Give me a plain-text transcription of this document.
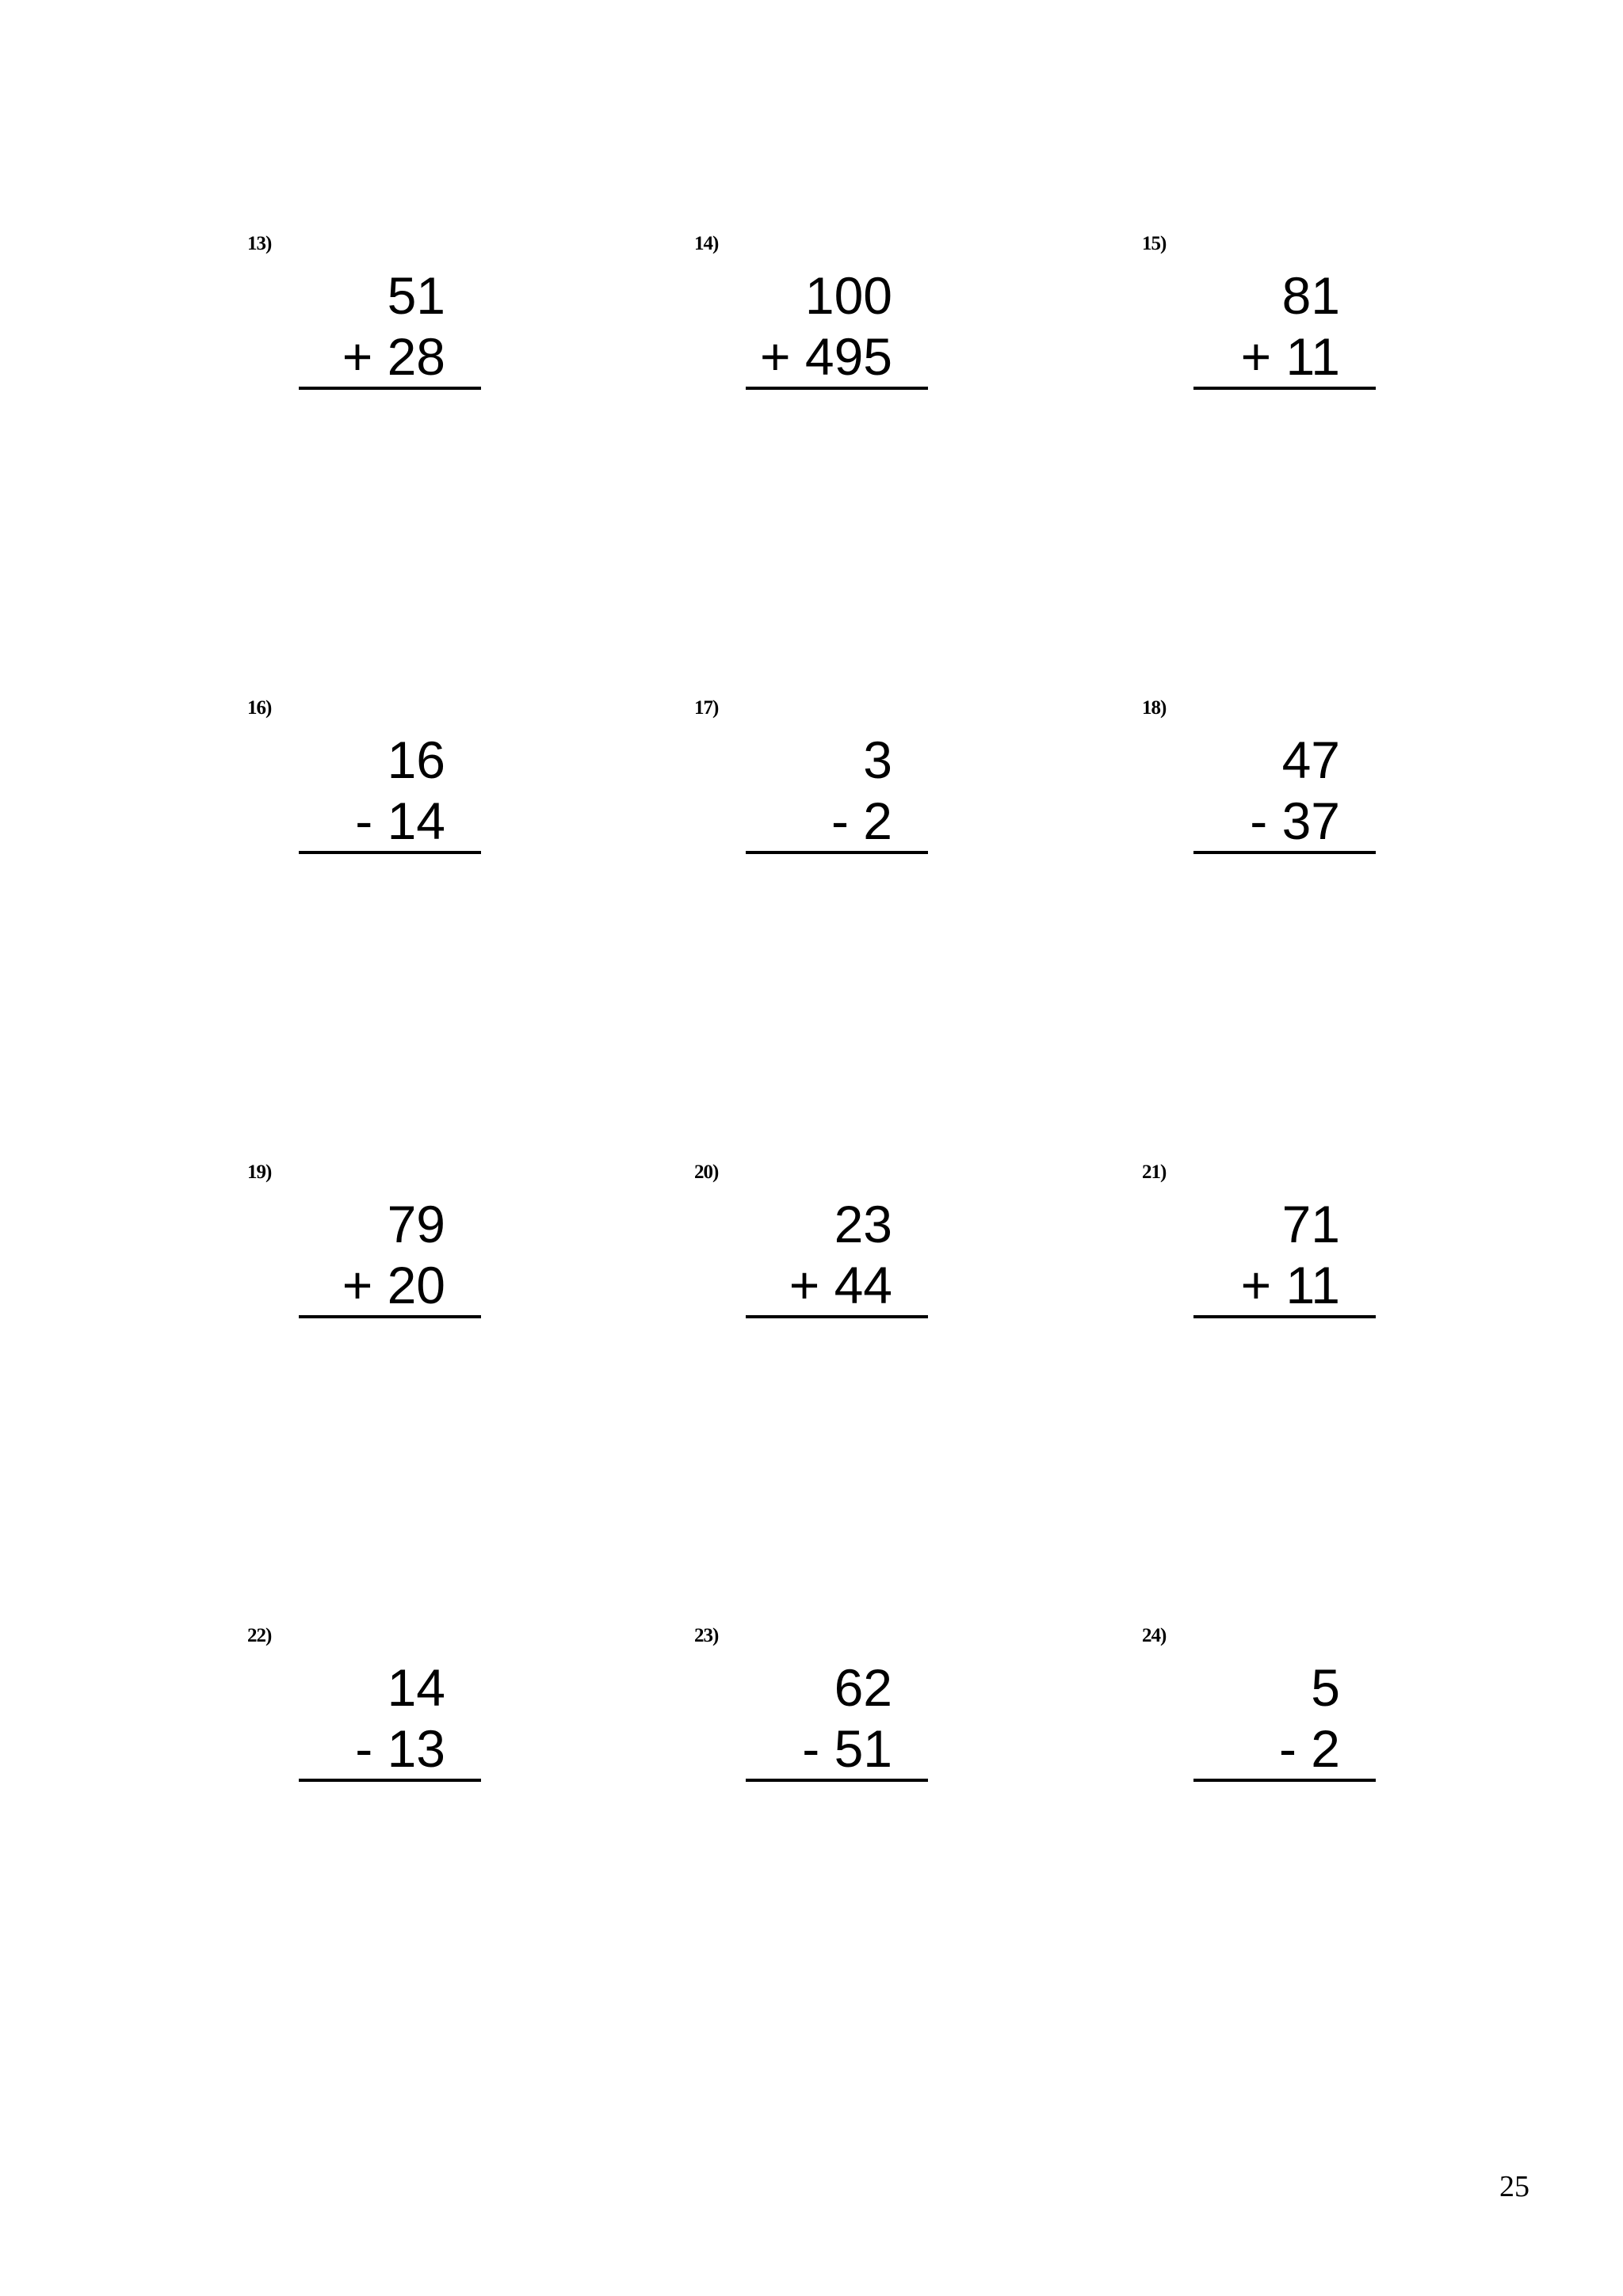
13)
51
+ 28
14)
100
+ 495
15)
81
+ 11
16)
16
- 14
17)
3
- 2
18)
47
- 37
19)
79
+ 20
20)
23
+ 44
21)
71
+ 11
22)
14
- 13
23)
62
- 51
24)
5
- 2
25
